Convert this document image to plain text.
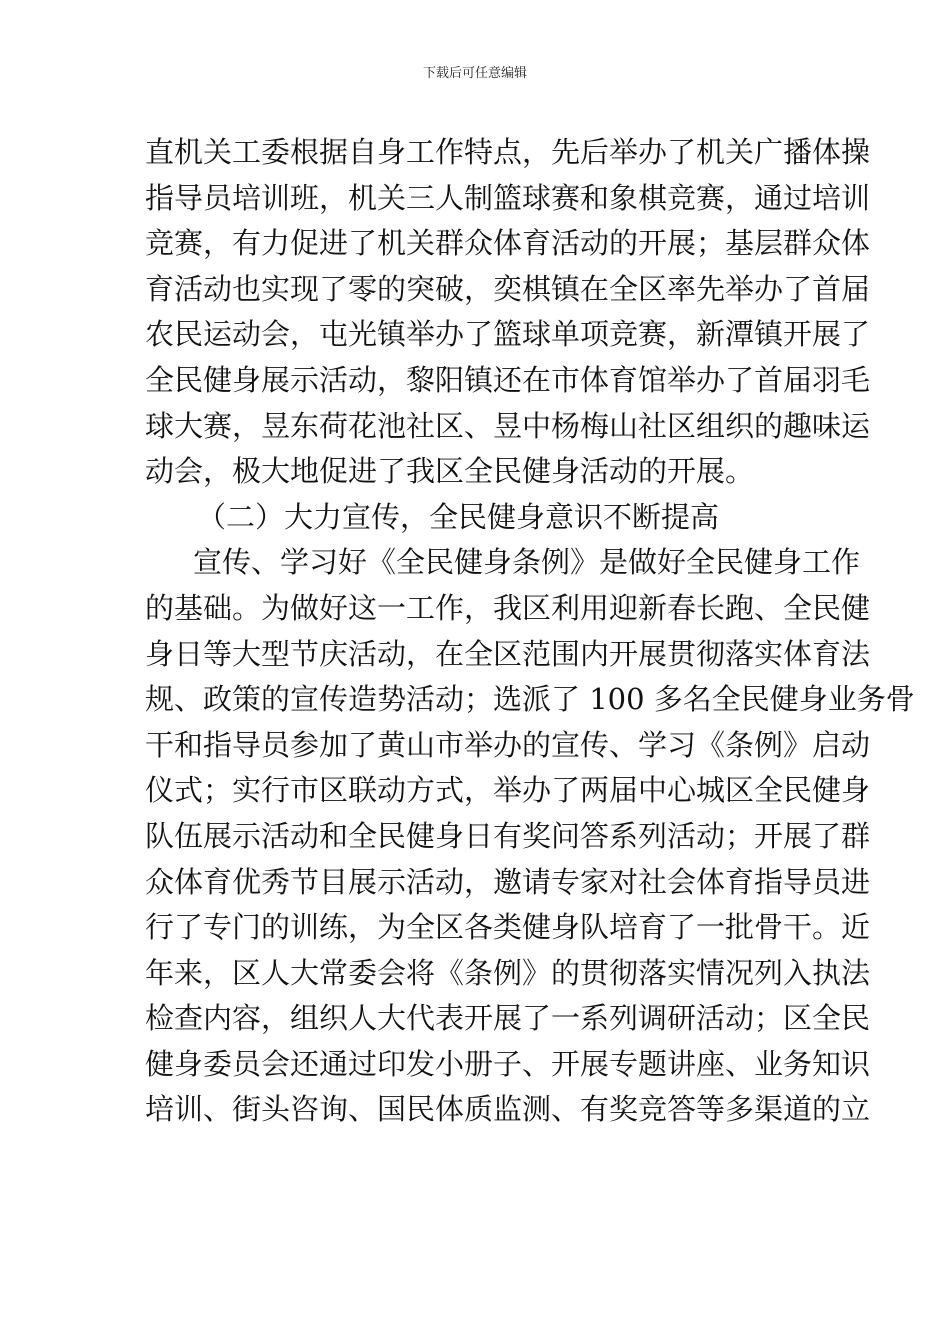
下载后可任意编辑
直机关工委根据自身工作特点，先后举办了机关广播体操
指导员培训班，机关三人制篮球赛和象棋竞赛，通过培训
竞赛，有力促进了机关群众体育活动的开展；基层群众体
育活动也实现了零的突破，奕棋镇在全区率先举办了首届
农民运动会，屯光镇举办了篮球单项竞赛，新潭镇开展了
全民健身展示活动，黎阳镇还在市体育馆举办了首届羽毛
球大赛，昱东荷花池社区、昱中杨梅山社区组织的趣味运
动会，极大地促进了我区全民健身活动的开展。
（二）大力宣传，全民健身意识不断提高
宣传、学习好《全民健身条例》是做好全民健身工作
的基础。为做好这一工作，我区利用迎新春长跑、全民健
身日等大型节庆活动，在全区范围内开展贯彻落实体育法
规、政策的宣传造势活动；选派了 100 多名全民健身业务骨
干和指导员参加了黄山市举办的宣传、学习《条例》启动
仪式；实行市区联动方式，举办了两届中心城区全民健身
队伍展示活动和全民健身日有奖问答系列活动；开展了群
众体育优秀节目展示活动，邀请专家对社会体育指导员进
行了专门的训练，为全区各类健身队培育了一批骨干。近
年来，区人大常委会将《条例》的贯彻落实情况列入执法
检查内容，组织人大代表开展了一系列调研活动；区全民
健身委员会还通过印发小册子、开展专题讲座、业务知识
培训、街头咨询、国民体质监测、有奖竞答等多渠道的立
